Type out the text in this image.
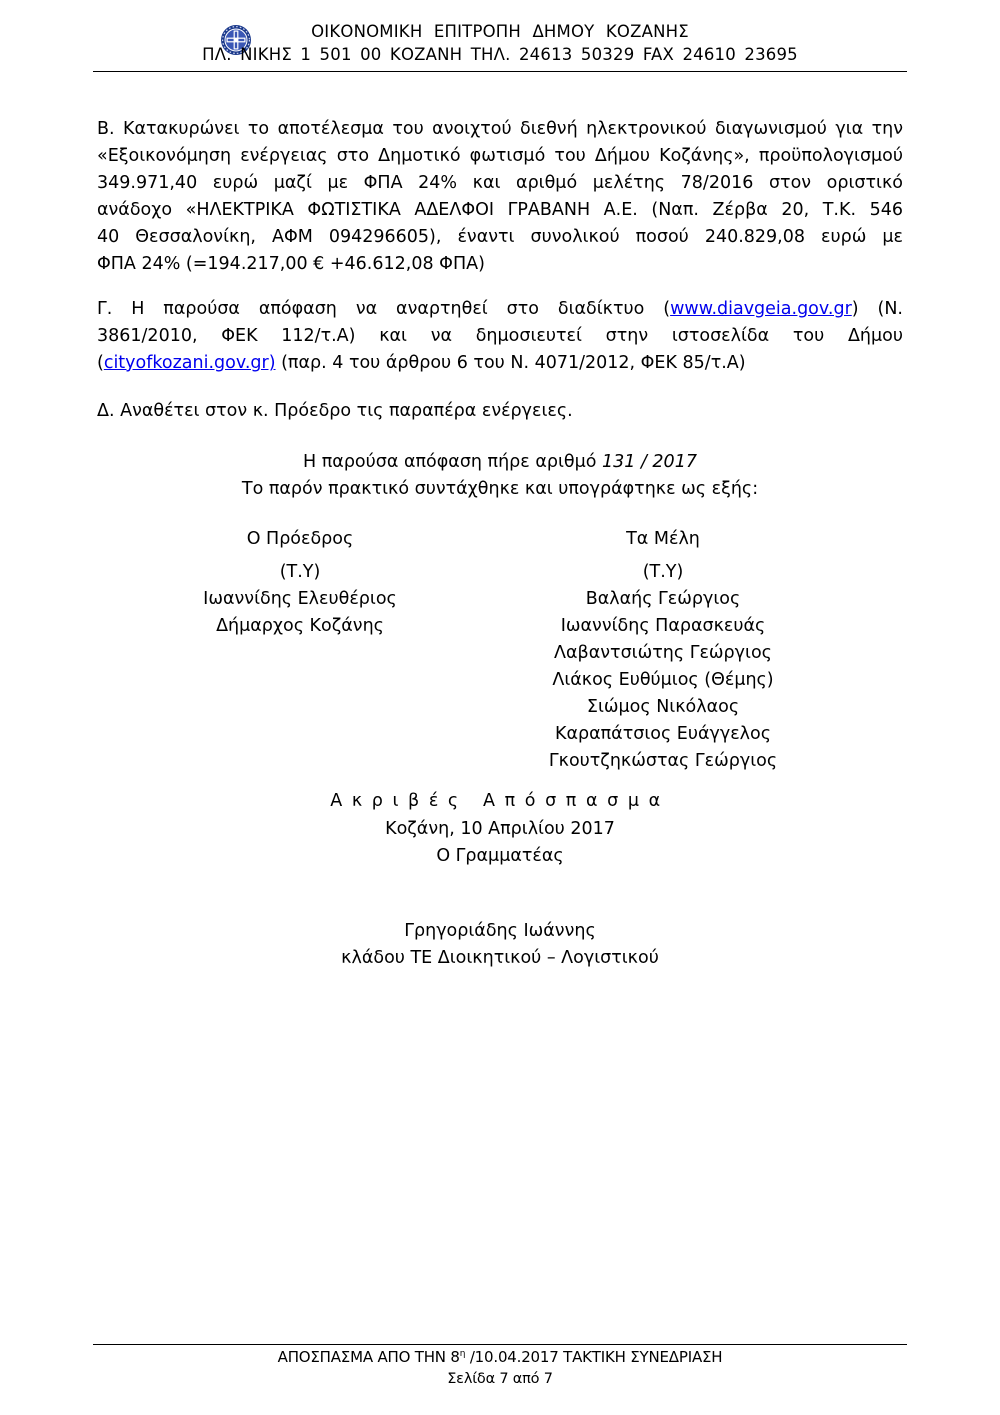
ΟΙΚΟΝΟΜΙΚΗ ΕΠΙΤΡΟΠΗ ΔΗΜΟΥ ΚΟΖΑΝΗΣ
ΠΛ. ΝΙΚΗΣ 1 501 00 ΚΟΖΑΝΗ ΤΗΛ. 24613 50329 FAX 24610 23695
Β. Κατακυρώνει το αποτέλεσμα του ανοιχτού διεθνή ηλεκτρονικού διαγωνισμού για την
«Εξοικονόμηση ενέργειας στο Δημοτικό φωτισμό του Δήμου Κοζάνης», προϋπολογισμού
349.971,40 ευρώ μαζί με ΦΠΑ 24% και αριθμό μελέτης 78/2016 στον οριστικό
ανάδοχο «ΗΛΕΚΤΡΙΚΑ ΦΩΤΙΣΤΙΚΑ ΑΔΕΛΦΟΙ ΓΡΑΒΑΝΗ Α.Ε. (Ναπ. Ζέρβα 20, Τ.Κ. 546
40 Θεσσαλονίκη, ΑΦΜ 094296605), έναντι συνολικού ποσού 240.829,08 ευρώ με
ΦΠΑ 24% (=194.217,00 € +46.612,08 ΦΠΑ)
Γ. Η παρούσα απόφαση να αναρτηθεί στο διαδίκτυο (www.diavgeia.gov.gr) (Ν.
3861/2010, ΦΕΚ 112/τ.Α) και να δημοσιευτεί στην ιστοσελίδα του Δήμου
(cityofkozani.gov.gr) (παρ. 4 του άρθρου 6 του Ν. 4071/2012, ΦΕΚ 85/τ.Α)
Δ. Αναθέτει στον κ. Πρόεδρο τις παραπέρα ενέργειες.
Η παρούσα απόφαση πήρε αριθμό 131 / 2017
Το παρόν πρακτικό συντάχθηκε και υπογράφτηκε ως εξής:
Ο Πρόεδρος
(Τ.Υ)
Ιωαννίδης Ελευθέριος
Δήμαρχος Κοζάνης
Τα Μέλη
(Τ.Υ)
Βαλαής Γεώργιος
Ιωαννίδης Παρασκευάς
Λαβαντσιώτης Γεώργιος
Λιάκος Ευθύμιος (Θέμης)
Σιώμος Νικόλαος
Καραπάτσιος Ευάγγελος
Γκουτζηκώστας Γεώργιος
Ακριβές Απόσπασμα
Κοζάνη, 10 Απριλίου 2017
Ο Γραμματέας
Γρηγοριάδης Ιωάννης
κλάδου ΤΕ Διοικητικού – Λογιστικού
ΑΠΟΣΠΑΣΜΑ ΑΠΟ ΤΗΝ $8^\eta$ /10.04.2017 ΤΑΚΤΙΚΗ ΣΥΝΕΔΡΙΑΣΗ
Σελίδα 7 από 7
